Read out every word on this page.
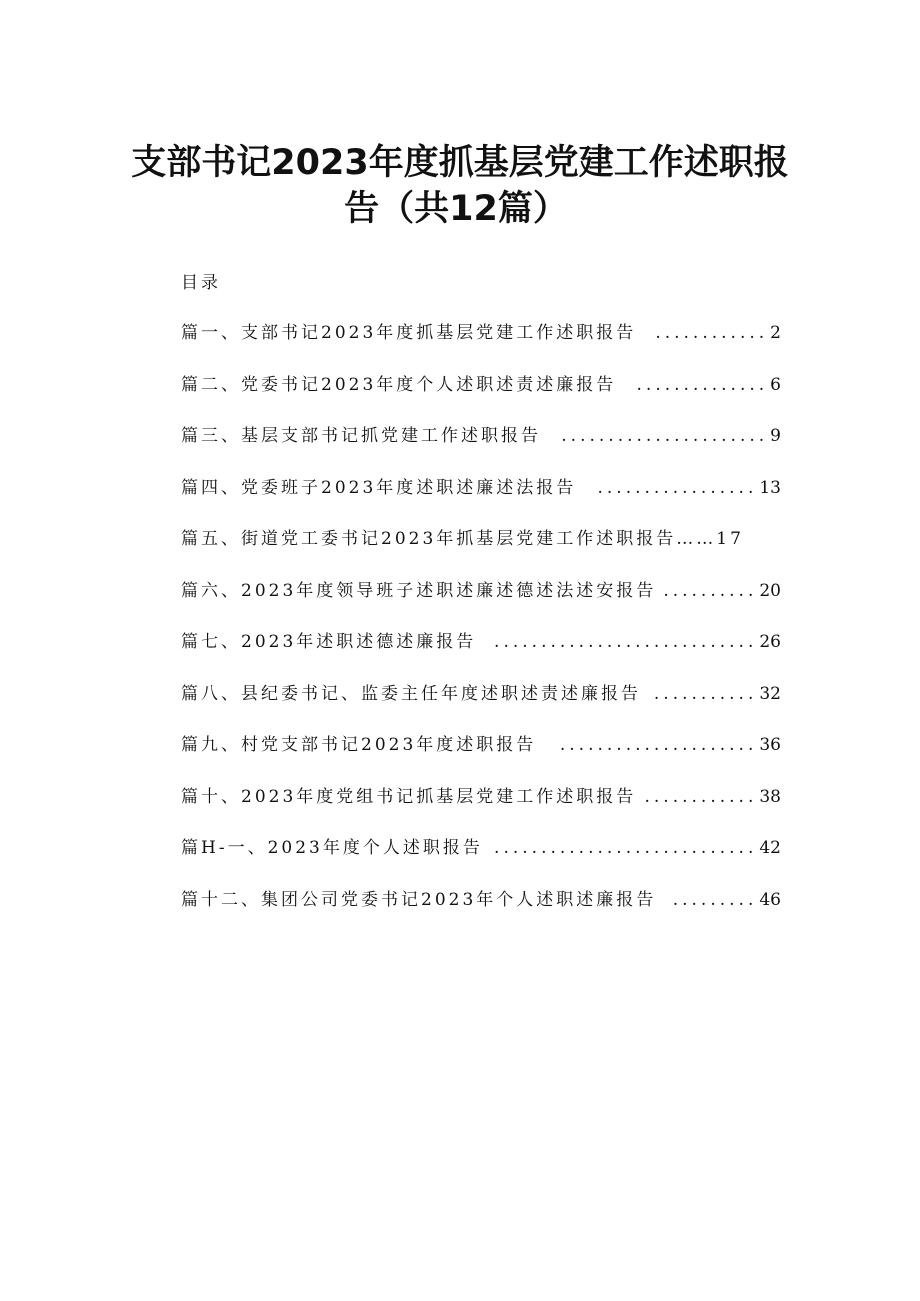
支部书记2023年度抓基层党建工作述职报
告（共12篇）
目录
篇一、支部书记2023年度抓基层党建工作述职报告	............ 2
篇二、党委书记2023年度个人述职述责述廉报告	.............. 6
篇三、基层支部书记抓党建工作述职报告	...................... 9
篇四、党委班子2023年度述职述廉述法报告	................. 13
篇五、街道党工委书记2023年抓基层党建工作述职报告……17
篇六、2023年度领导班子述职述廉述德述法述安报告 .......... 20
篇七、2023年述职述德述廉报告	............................ 26
篇八、县纪委书记、监委主任年度述职述责述廉报告 ........... 32
篇九、村党支部书记2023年度述职报告	..................... 36
篇十、2023年度党组书记抓基层党建工作述职报告 ............ 38
篇H-一、2023年度个人述职报告 ............................ 42
篇十二、集团公司党委书记2023年个人述职述廉报告 ......... 46
